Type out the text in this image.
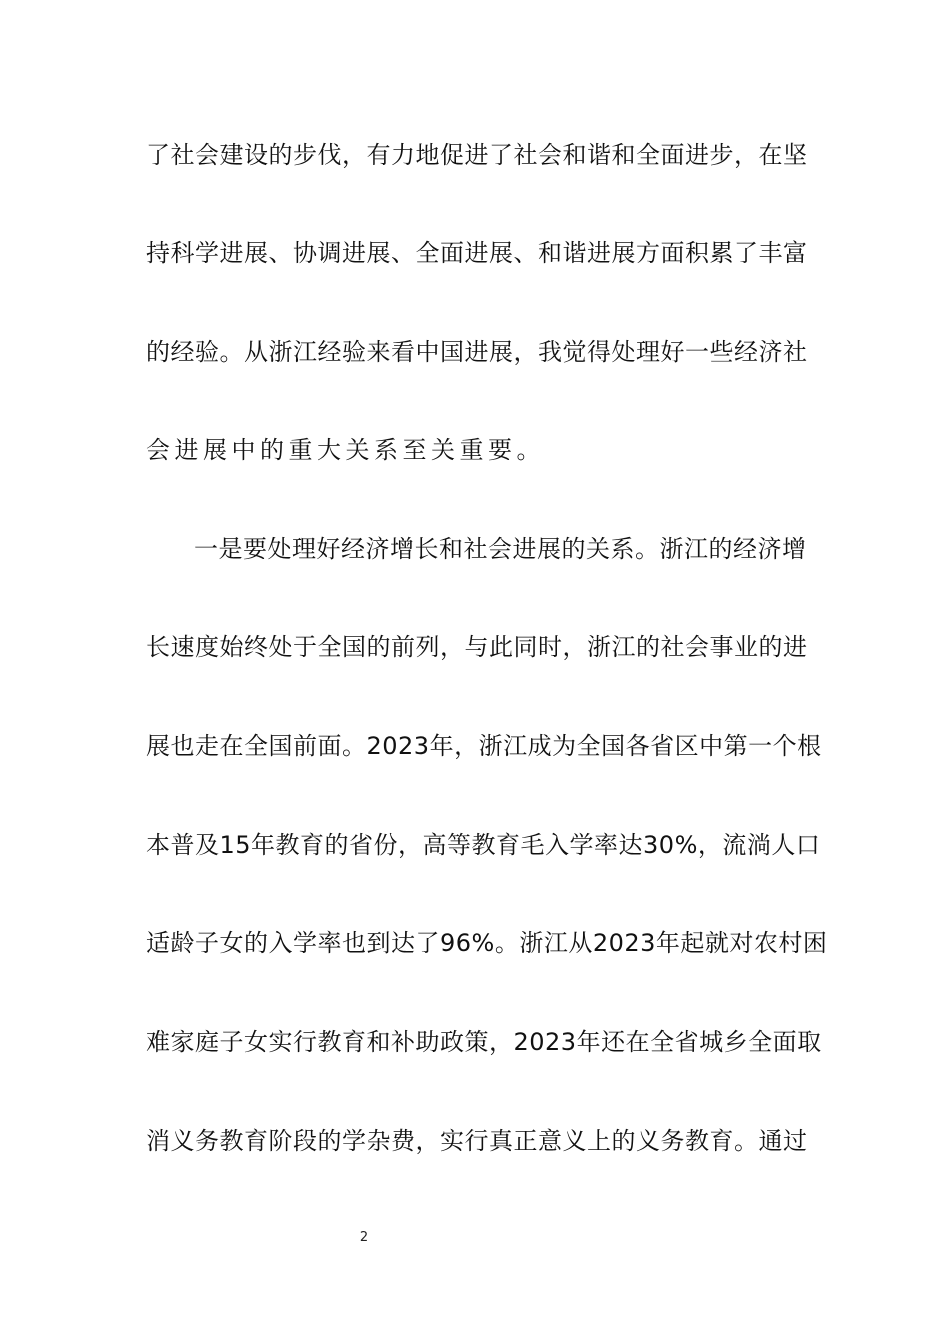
了社会建设的步伐，有力地促进了社会和谐和全面进步，在坚
持科学进展、协调进展、全面进展、和谐进展方面积累了丰富
的经验。从浙江经验来看中国进展，我觉得处理好一些经济社
会进展中的重大关系至关重要。
一是要处理好经济增长和社会进展的关系。浙江的经济增
长速度始终处于全国的前列，与此同时，浙江的社会事业的进
展也走在全国前面。2023年，浙江成为全国各省区中第一个根
本普及15年教育的省份，高等教育毛入学率达30%，流淌人口
适龄子女的入学率也到达了96%。浙江从2023年起就对农村困
难家庭子女实行教育和补助政策，2023年还在全省城乡全面取
消义务教育阶段的学杂费，实行真正意义上的义务教育。通过
2
